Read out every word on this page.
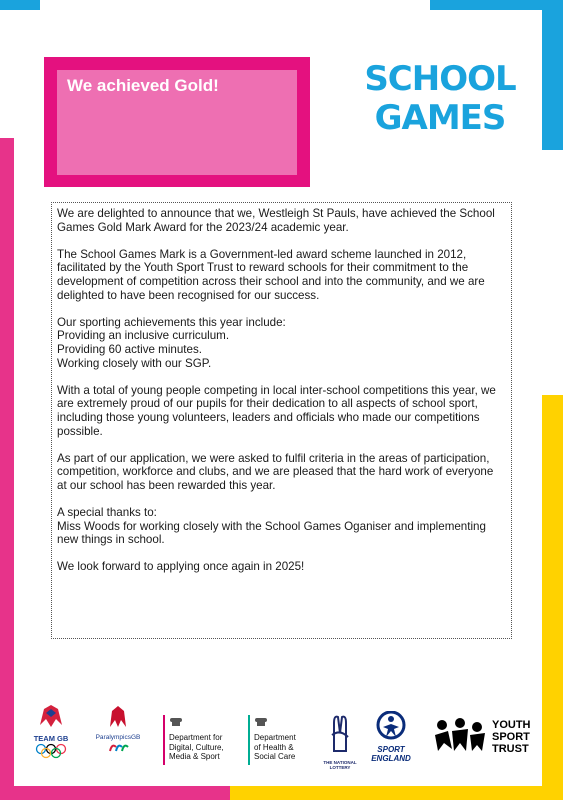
We achieved Gold!	SCHOOL
GAMES

We are delighted to announce that we, Westleigh St Pauls, have achieved the School Games Gold Mark Award for the 2023/24 academic year.

The School Games Mark is a Government-led award scheme launched in 2012, facilitated by the Youth Sport Trust to reward schools for their commitment to the development of competition across their school and into the community, and we are delighted to have been recognised for our success.

Our sporting achievements this year include:
Providing an inclusive curriculum.
Providing 60 active minutes.

Working closely with our SGP.

With a total of young people competing in local inter-school competitions this year, we are extremely proud of our pupils for their dedication to all aspects of school sport, including those young volunteers, leaders and officials who made our competitions possible.

As part of our application, we were asked to fulfil criteria in the areas of participation, competition, workforce and clubs, and we are pleased that the hard work of everyone at our school has been rewarded this year.

A special thanks to:

Miss Woods for working closely with the School Games Oganiser and implementing new things in school.

We look forward to applying once again in 2025!

TEAM GB	ParalympicsGB	Department for
Digital, Culture,
Media & Sport
Department
of Health &
Social Care
THE NATIONAL LOTTERY
SPORT
ENGLAND
YOUTH
SPORT
TRUST
